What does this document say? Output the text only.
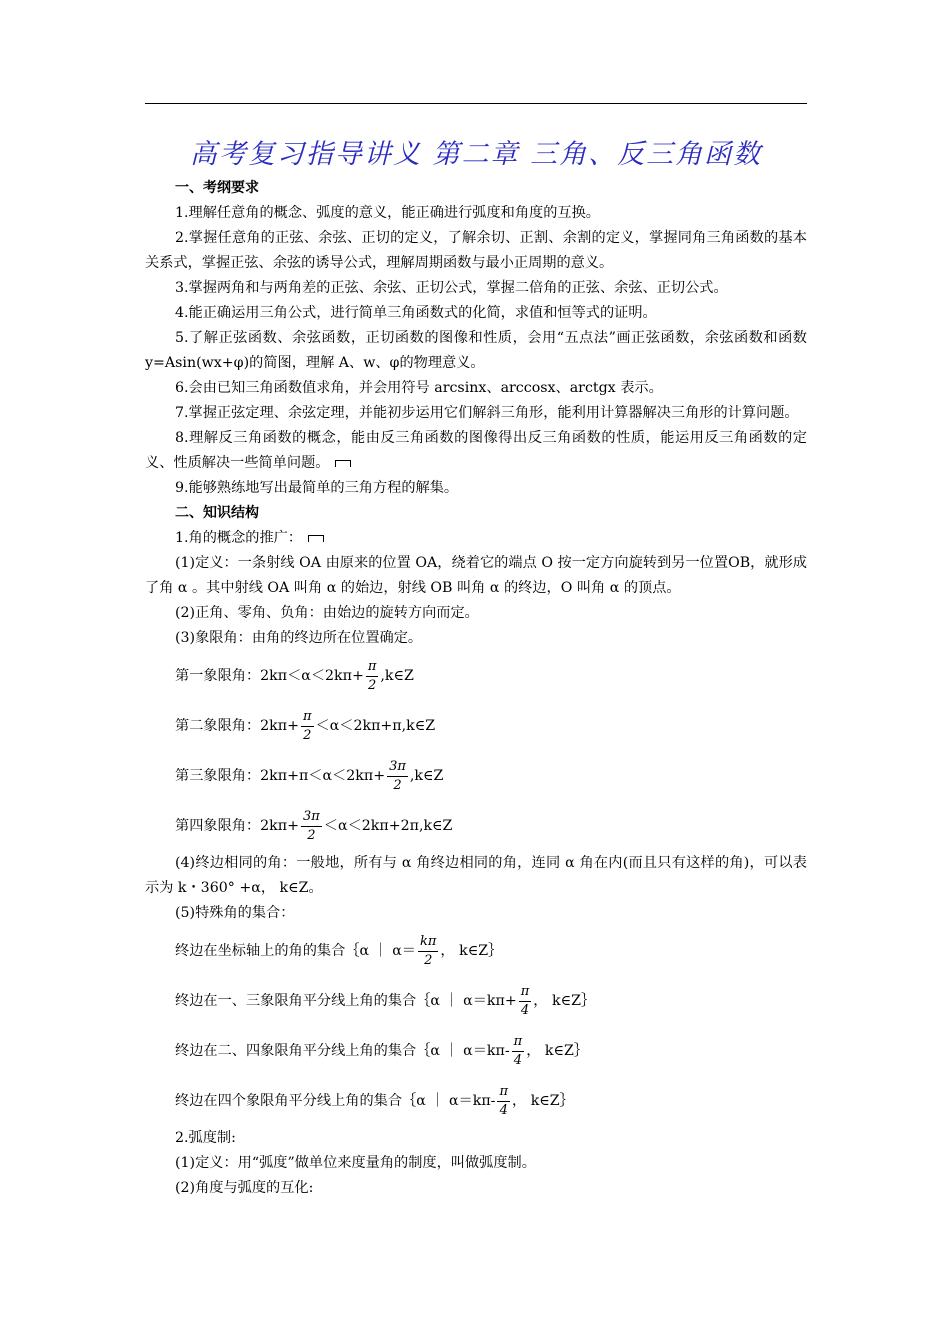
高考复习指导讲义 第二章 三角、反三角函数
一、考纲要求
1.理解任意角的概念、弧度的意义，能正确进行弧度和角度的互换。
2.掌握任意角的正弦、余弦、正切的定义，了解余切、正割、余割的定义，掌握同角三角函数的基本关系式，掌握正弦、余弦的诱导公式，理解周期函数与最小正周期的意义。
3.掌握两角和与两角差的正弦、余弦、正切公式，掌握二倍角的正弦、余弦、正切公式。
4.能正确运用三角公式，进行简单三角函数式的化简，求值和恒等式的证明。
5.了解正弦函数、余弦函数，正切函数的图像和性质，会用“五点法”画正弦函数，余弦函数和函数 y=Asin(wx+φ)的简图，理解 A、w、φ的物理意义。
6.会由已知三角函数值求角，并会用符号 arcsinx、arccosx、arctgx 表示。
7.掌握正弦定理、余弦定理，并能初步运用它们解斜三角形，能利用计算器解决三角形的计算问题。
8.理解反三角函数的概念，能由反三角函数的图像得出反三角函数的性质，能运用反三角函数的定义、性质解决一些简单问题。
9.能够熟练地写出最简单的三角方程的解集。
二、知识结构
1.角的概念的推广：
(1)定义：一条射线 OA 由原来的位置 OA，绕着它的端点 O 按一定方向旋转到另一位置OB，就形成了角 α 。其中射线 OA 叫角 α 的始边，射线 OB 叫角 α 的终边，O 叫角 α 的顶点。
(2)正角、零角、负角：由始边的旋转方向而定。
(3)象限角：由角的终边所在位置确定。
第一象限角：$2k\pi<\alpha<2k\pi+ \frac{\pi}{2}$ ,k∈Z
第二象限角：$2k\pi+ \frac{\pi}{2}$ ＜α＜2kπ+π,k∈Z
第三象限角：$2k\pi+\pi<\alpha<2k\pi+ \frac{3\pi}{2}$ ,k∈Z
第四象限角：$2k\pi+ \frac{3\pi}{2}$ ＜α＜2kπ+2π,k∈Z
(4)终边相同的角：一般地，所有与 α 角终边相同的角，连同 α 角在内(而且只有这样的角)，可以表示为 k・360° +α， k∈Z。
(5)特殊角的集合：
终边在坐标轴上的角的集合｛α ｜ $\alpha= \frac{k\pi}{2}$ ， k∈Z｝
终边在一、三象限角平分线上角的集合｛α ｜ $\alpha=k\pi+ \frac{\pi}{4}$ ， k∈Z｝
终边在二、四象限角平分线上角的集合｛α ｜ $\alpha=k\pi- \frac{\pi}{4}$ ， k∈Z｝
终边在四个象限角平分线上角的集合｛α ｜ $\alpha=k\pi- \frac{\pi}{4}$ ， k∈Z｝
2.弧度制:
(1)定义：用“弧度”做单位来度量角的制度，叫做弧度制。
(2)角度与弧度的互化:
